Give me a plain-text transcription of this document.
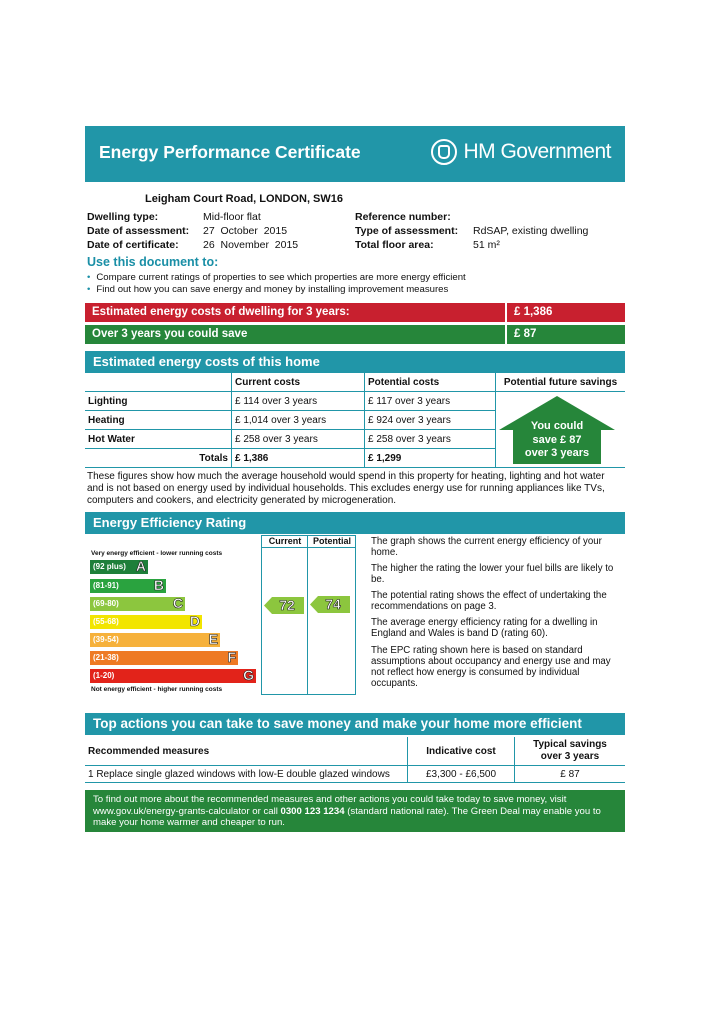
Energy Performance Certificate	HM Government
Leigham Court Road, LONDON, SW16
Dwelling type:	Mid-floor flat
Date of assessment:	27  October  2015
Date of certificate:	26  November  2015
Reference number:
Type of assessment:	RdSAP, existing dwelling
Total floor area:	51 m²
Use this document to:
• Compare current ratings of properties to see which properties are more energy efficient
• Find out how you can save energy and money by installing improvement measures
Estimated energy costs of dwelling for 3 years:	£ 1,386
Over 3 years you could save	£ 87
Estimated energy costs of this home
	Current costs	Potential costs	Potential future savings
Lighting	£ 114 over 3 years	£ 117 over 3 years	
Heating	£ 1,014 over 3 years	£ 924 over 3 years	
Hot Water	£ 258 over 3 years	£ 258 over 3 years	
Totals	£ 1,386	£ 1,299	
You could
save £ 87
over 3 years
These figures show how much the average household would spend in this property for heating, lighting and hot water and is not based on energy used by individual households. This excludes energy use for running appliances like TVs, computers and cookers, and electricity generated by microgeneration.
Energy Efficiency Rating
Current	Potential
Very energy efficient - lower running costs
(92 plus) A
(81-91)	B
(69-80)	C
(55-68)	D
(39-54)	E
(21-38)	F
(1-20)	G
Not energy efficient - higher running costs
72	74
The graph shows the current energy efficiency of your home.
The higher the rating the lower your fuel bills are likely to be.
The potential rating shows the effect of undertaking the recommendations on page 3.
The average energy efficiency rating for a dwelling in England and Wales is band D (rating 60).
The EPC rating shown here is based on standard assumptions about occupancy and energy use and may not reflect how energy is consumed by individual occupants.
Top actions you can take to save money and make your home more efficient
Recommended measures	Indicative cost	Typical savings over 3 years
1 Replace single glazed windows with low-E double glazed windows	£3,300 - £6,500	£ 87
To find out more about the recommended measures and other actions you could take today to save money, visit www.gov.uk/energy-grants-calculator or call 0300 123 1234 (standard national rate). The Green Deal may enable you to make your home warmer and cheaper to run.
